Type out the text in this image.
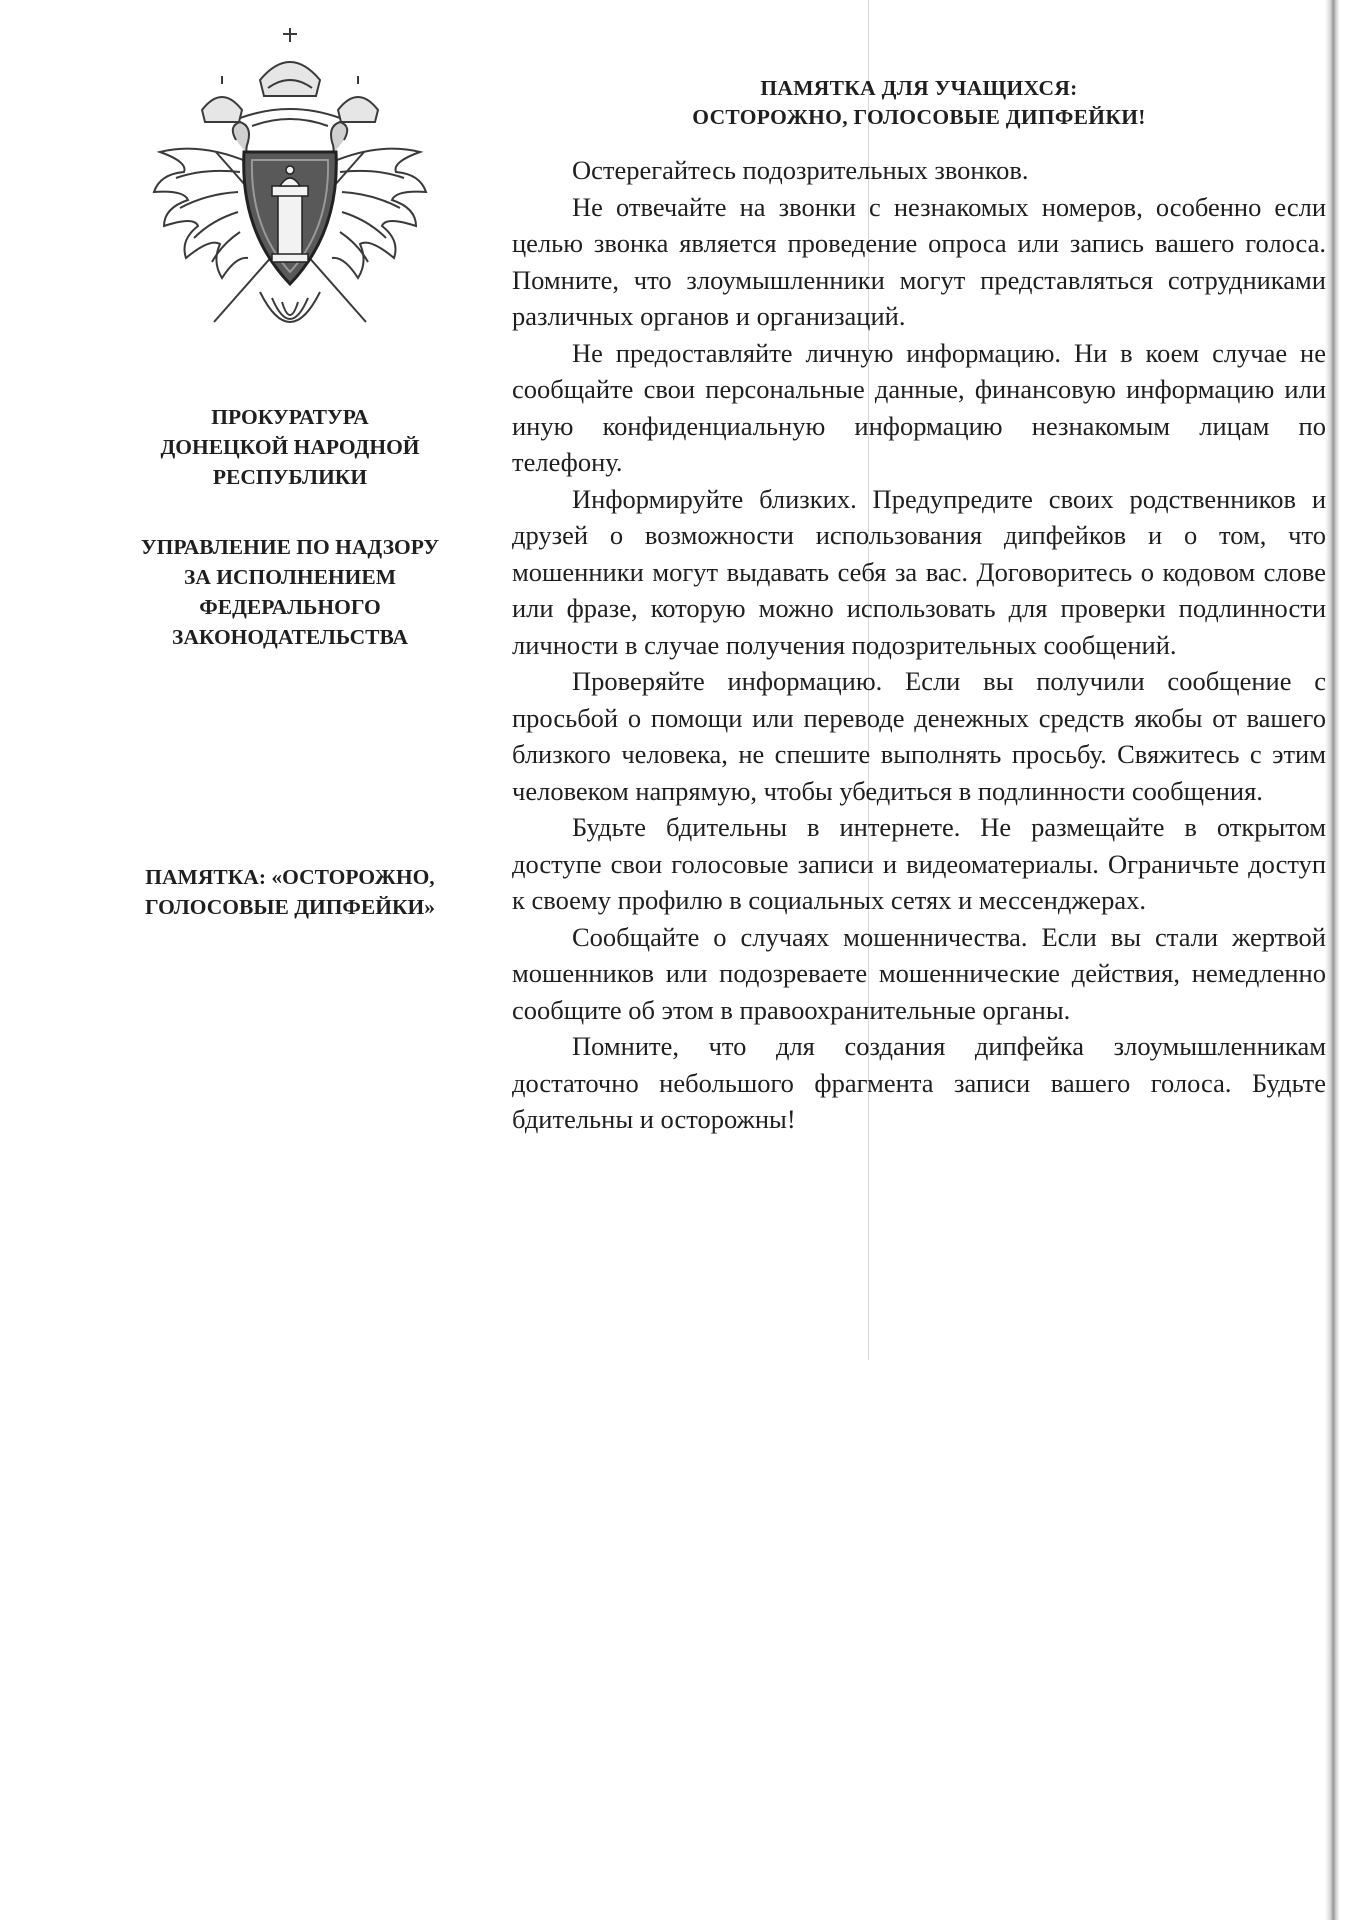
ПРОКУРАТУРА
ДОНЕЦКОЙ НАРОДНОЙ
РЕСПУБЛИКИ
УПРАВЛЕНИЕ ПО НАДЗОРУ
ЗА ИСПОЛНЕНИЕМ
ФЕДЕРАЛЬНОГО
ЗАКОНОДАТЕЛЬСТВА
ПАМЯТКА: «ОСТОРОЖНО,
ГОЛОСОВЫЕ ДИПФЕЙКИ»
ПАМЯТКА ДЛЯ УЧАЩИХСЯ:
ОСТОРОЖНО, ГОЛОСОВЫЕ ДИПФЕЙКИ!

Остерегайтесь подозрительных звонков.

Не отвечайте на звонки с незнакомых номеров, особенно если целью звонка является проведение опроса или запись вашего голоса. Помните, что злоумышленники могут представляться сотрудниками различных органов и организаций.

Не предоставляйте личную информацию. Ни в коем случае не сообщайте свои персональные данные, финансовую информацию или иную конфиденциальную информацию незнакомым лицам по телефону.

Информируйте близких. Предупредите своих родственников и друзей о возможности использования дипфейков и о том, что мошенники могут выдавать себя за вас. Договоритесь о кодовом слове или фразе, которую можно использовать для проверки подлинности личности в случае получения подозрительных сообщений.

Проверяйте информацию. Если вы получили сообщение с просьбой о помощи или переводе денежных средств якобы от вашего близкого человека, не спешите выполнять просьбу. Свяжитесь с этим человеком напрямую, чтобы убедиться в подлинности сообщения.

Будьте бдительны в интернете. Не размещайте в открытом доступе свои голосовые записи и видеоматериалы. Ограничьте доступ к своему профилю в социальных сетях и мессенджерах.

Сообщайте о случаях мошенничества. Если вы стали жертвой мошенников или подозреваете мошеннические действия, немедленно сообщите об этом в правоохранительные органы.

Помните, что для создания дипфейка злоумышленникам достаточно небольшого фрагмента записи вашего голоса. Будьте бдительны и осторожны!
